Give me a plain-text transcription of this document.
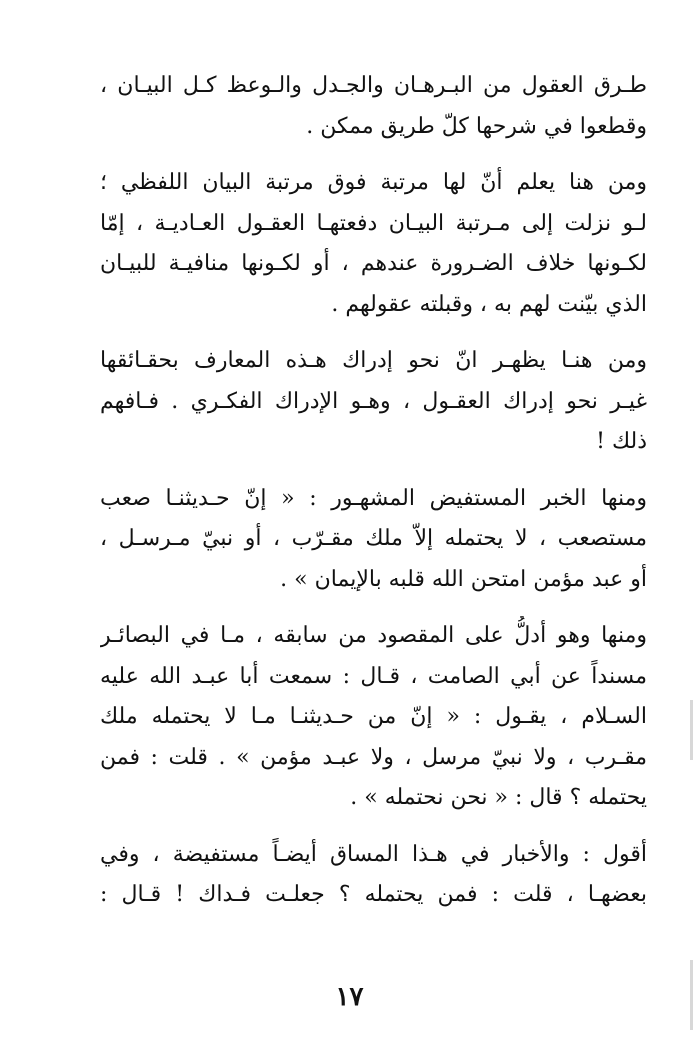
طـرق العقول من البـرهـان والجـدل والـوعظ كـل البيـان ،
وقطعوا في شرحها كلّ طريق ممكن .

ومن هنا يعلم أنّ لها مرتبة فوق مرتبة البيان اللفظي ؛
لـو نزلت إلى مـرتبة البيـان دفعتهـا العقـول العـاديـة ، إمّا
لكـونها خلاف الضـرورة عندهم ، أو لكـونها منافيـة للبيـان
الذي بيّنت لهم به ، وقبلته عقولهم .

ومن هنـا يظهـر انّ نحو إدراك هـذه المعارف بحقـائقها
غيـر نحو إدراك العقـول ، وهـو الإدراك الفكـري . فـافهم
ذلك !

ومنها الخبر المستفيض المشهـور : « إنّ حـديثنـا صعب
مستصعب ، لا يحتمله إلاّ ملك مقـرّب ، أو نبيّ مـرسـل ،
أو عبد مؤمن امتحن الله قلبه بالإيمان » .

ومنها وهو أدلُّ على المقصود من سابقه ، مـا في البصائـر
مسنداً عن أبي الصامت ، قـال : سمعت أبا عبـد الله عليه
السـلام ، يقـول : « إنّ من حـديثنـا مـا لا يحتمله ملك
مقـرب ، ولا نبيّ مرسل ، ولا عبـد مؤمن » . قلت : فمن
يحتمله ؟ قال : « نحن نحتمله » .

أقول : والأخبار في هـذا المساق أيضـاً مستفيضة ، وفي
بعضهـا ، قلت : فمن يحتمله ؟ جعلـت فـداك ! قـال :

١٧
